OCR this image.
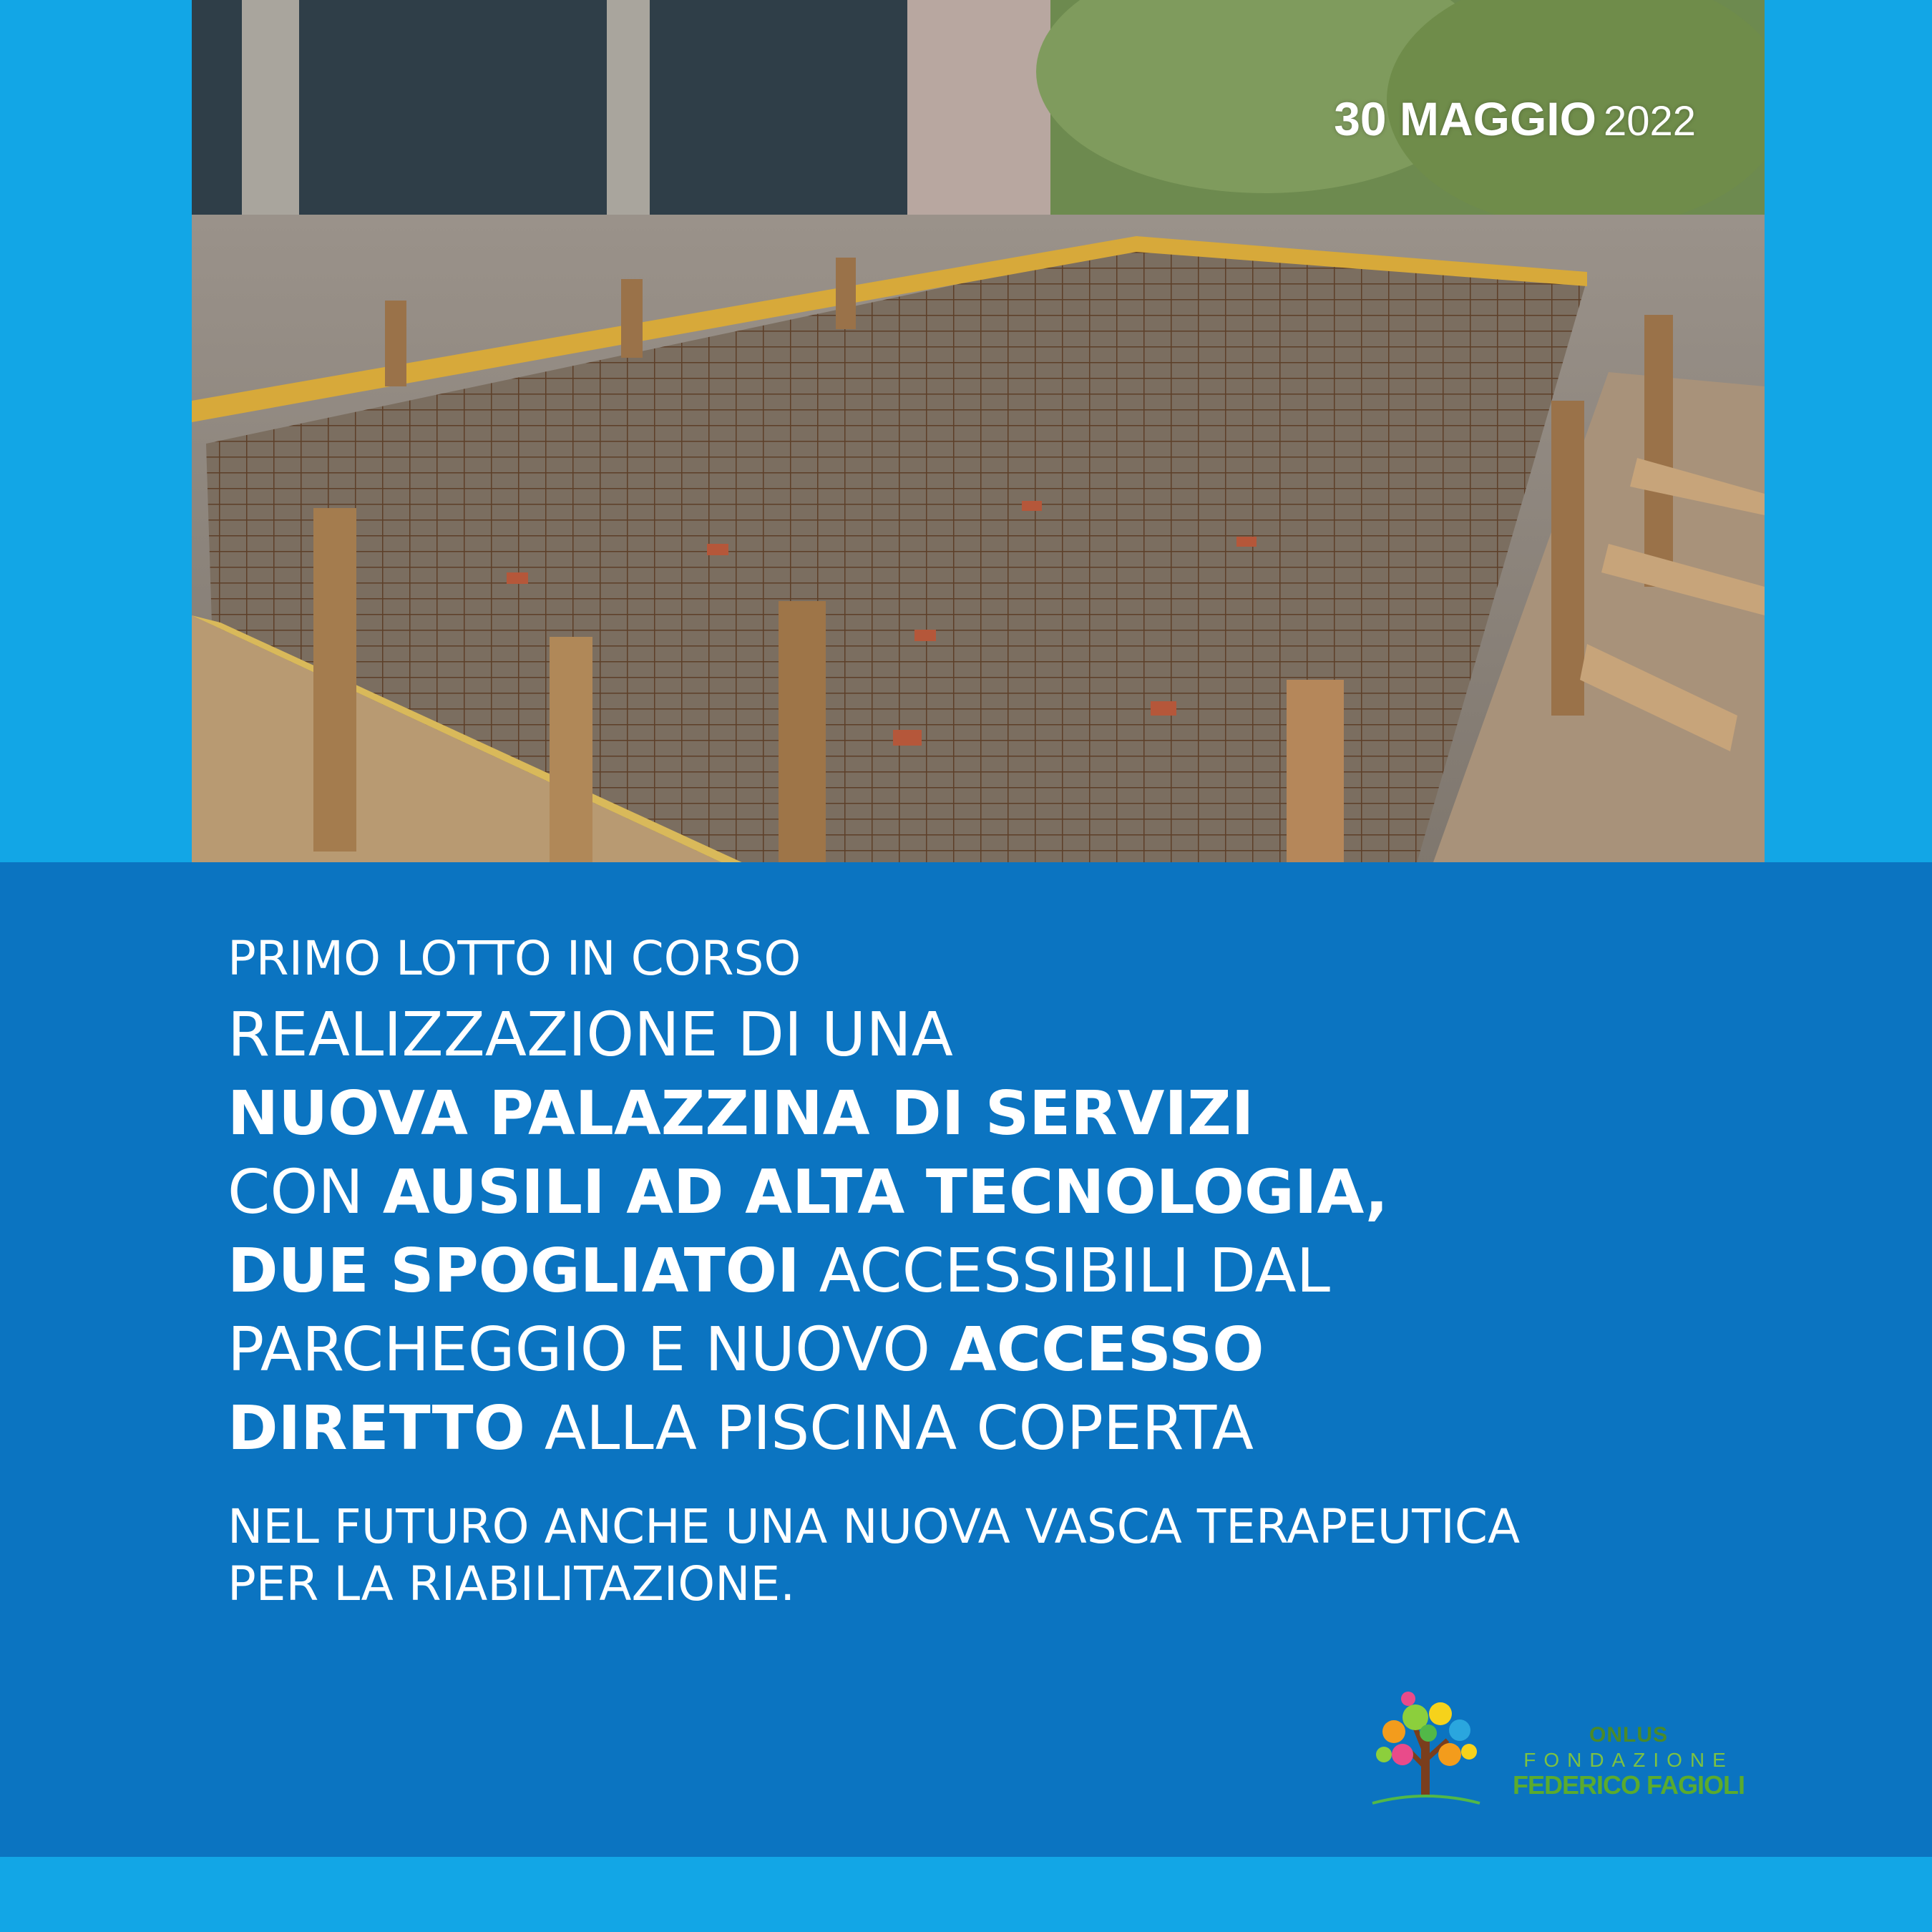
30 MAGGIO 2022
PRIMO LOTTO IN CORSO
REALIZZAZIONE DI UNA
NUOVA PALAZZINA DI SERVIZI
CON AUSILI AD ALTA TECNOLOGIA,
DUE SPOGLIATOI ACCESSIBILI DAL
PARCHEGGIO E NUOVO ACCESSO
DIRETTO ALLA PISCINA COPERTA
NEL FUTURO ANCHE UNA NUOVA VASCA TERAPEUTICA
PER LA RIABILITAZIONE.
ONLUS
FONDAZIONE
FEDERICO FAGIOLI
